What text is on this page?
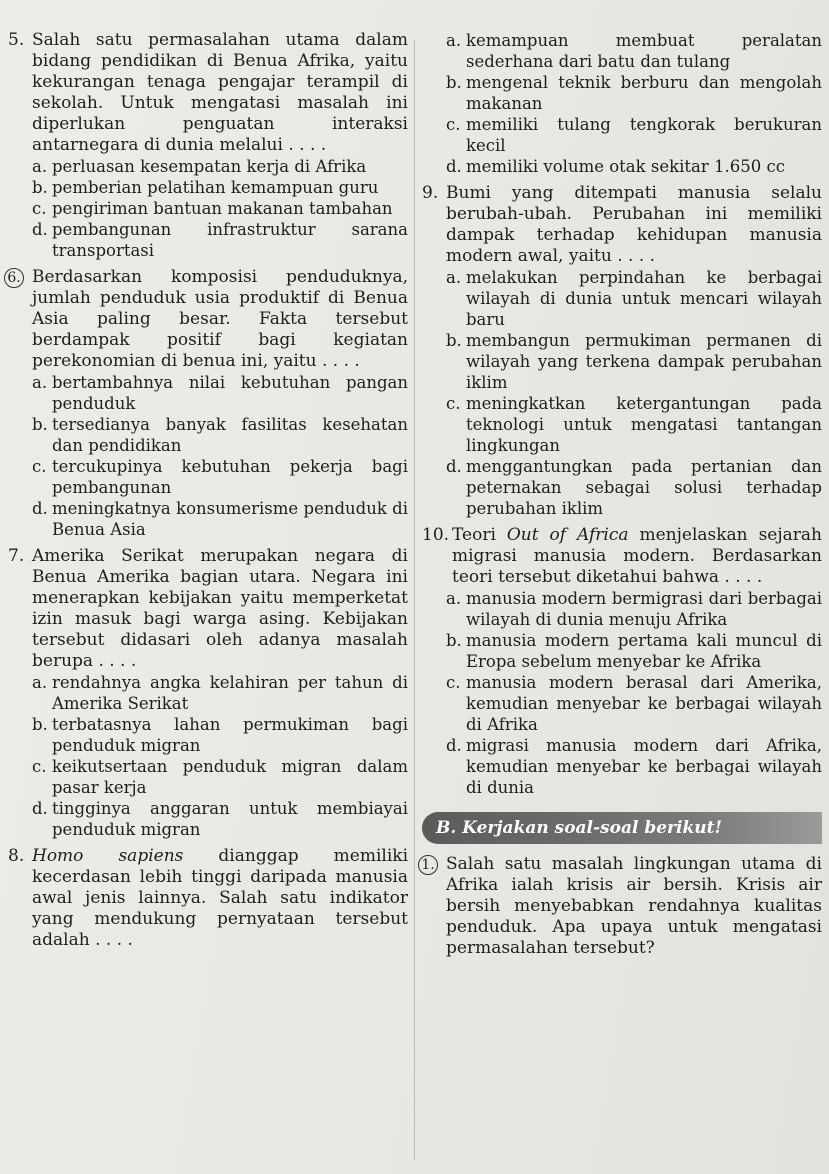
5. Salah satu permasalahan utama dalam bidang pendidikan di Benua Afrika, yaitu kekurangan tenaga pengajar terampil di sekolah. Untuk mengatasi masalah ini diperlukan penguatan interaksi antarnegara di dunia melalui . . . .
a. perluasan kesempatan kerja di Afrika
b. pemberian pelatihan kemampuan guru
c. pengiriman bantuan makanan tambahan
d. pembangunan infrastruktur sarana transportasi
6. Berdasarkan komposisi penduduknya, jumlah penduduk usia produktif di Benua Asia paling besar. Fakta tersebut berdampak positif bagi kegiatan perekonomian di benua ini, yaitu . . . .
a. bertambahnya nilai kebutuhan pangan penduduk
b. tersedianya banyak fasilitas kesehatan dan pendidikan
c. tercukupinya kebutuhan pekerja bagi pembangunan
d. meningkatnya konsumerisme penduduk di Benua Asia
7. Amerika Serikat merupakan negara di Benua Amerika bagian utara. Negara ini menerapkan kebijakan yaitu memperketat izin masuk bagi warga asing. Kebijakan tersebut didasari oleh adanya masalah berupa . . . .
a. rendahnya angka kelahiran per tahun di Amerika Serikat
b. terbatasnya lahan permukiman bagi penduduk migran
c. keikutsertaan penduduk migran dalam pasar kerja
d. tingginya anggaran untuk membiayai penduduk migran
8. Homo sapiens dianggap memiliki kecerdasan lebih tinggi daripada manusia awal jenis lainnya. Salah satu indikator yang mendukung pernyataan tersebut adalah . . . .
a. kemampuan membuat peralatan sederhana dari batu dan tulang
b. mengenal teknik berburu dan mengolah makanan
c. memiliki tulang tengkorak berukuran kecil
d. memiliki volume otak sekitar 1.650 cc
9. Bumi yang ditempati manusia selalu berubah-ubah. Perubahan ini memiliki dampak terhadap kehidupan manusia modern awal, yaitu . . . .
a. melakukan perpindahan ke berbagai wilayah di dunia untuk mencari wilayah baru
b. membangun permukiman permanen di wilayah yang terkena dampak perubahan iklim
c. meningkatkan ketergantungan pada teknologi untuk mengatasi tantangan lingkungan
d. menggantungkan pada pertanian dan peternakan sebagai solusi terhadap perubahan iklim
10. Teori Out of Africa menjelaskan sejarah migrasi manusia modern. Berdasarkan teori tersebut diketahui bahwa . . . .
a. manusia modern bermigrasi dari berbagai wilayah di dunia menuju Afrika
b. manusia modern pertama kali muncul di Eropa sebelum menyebar ke Afrika
c. manusia modern berasal dari Amerika, kemudian menyebar ke berbagai wilayah di Afrika
d. migrasi manusia modern dari Afrika, kemudian menyebar ke berbagai wilayah di dunia
B. Kerjakan soal-soal berikut!
1. Salah satu masalah lingkungan utama di Afrika ialah krisis air bersih. Krisis air bersih menyebabkan rendahnya kualitas penduduk. Apa upaya untuk mengatasi permasalahan tersebut?
